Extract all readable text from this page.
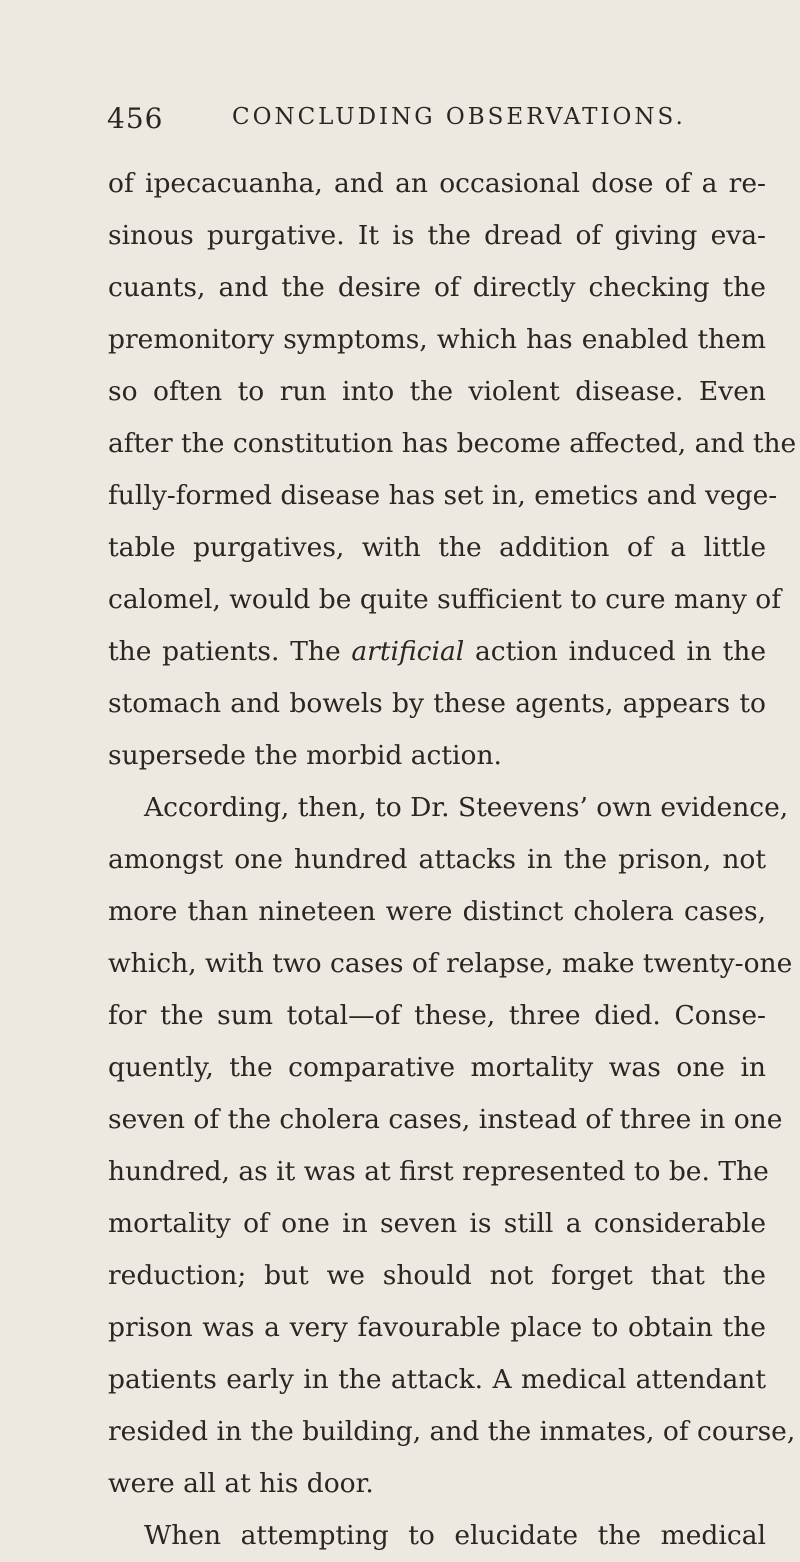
456	CONCLUDING OBSERVATIONS.
of ipecacuanha, and an occasional dose of a re-
sinous purgative. It is the dread of giving eva-
cuants, and the desire of directly checking the
premonitory symptoms, which has enabled them
so often to run into the violent disease. Even
after the constitution has become affected, and the
fully-formed disease has set in, emetics and vege-
table purgatives, with the addition of a little
calomel, would be quite sufficient to cure many of
the patients. The artificial action induced in the
stomach and bowels by these agents, appears to
supersede the morbid action.
According, then, to Dr. Steevens’ own evidence,
amongst one hundred attacks in the prison, not
more than nineteen were distinct cholera cases,
which, with two cases of relapse, make twenty-one
for the sum total—of these, three died. Conse-
quently, the comparative mortality was one in
seven of the cholera cases, instead of three in one
hundred, as it was at first represented to be. The
mortality of one in seven is still a considerable
reduction; but we should not forget that the
prison was a very favourable place to obtain the
patients early in the attack. A medical attendant
resided in the building, and the inmates, of course,
were all at his door.
When attempting to elucidate the medical
